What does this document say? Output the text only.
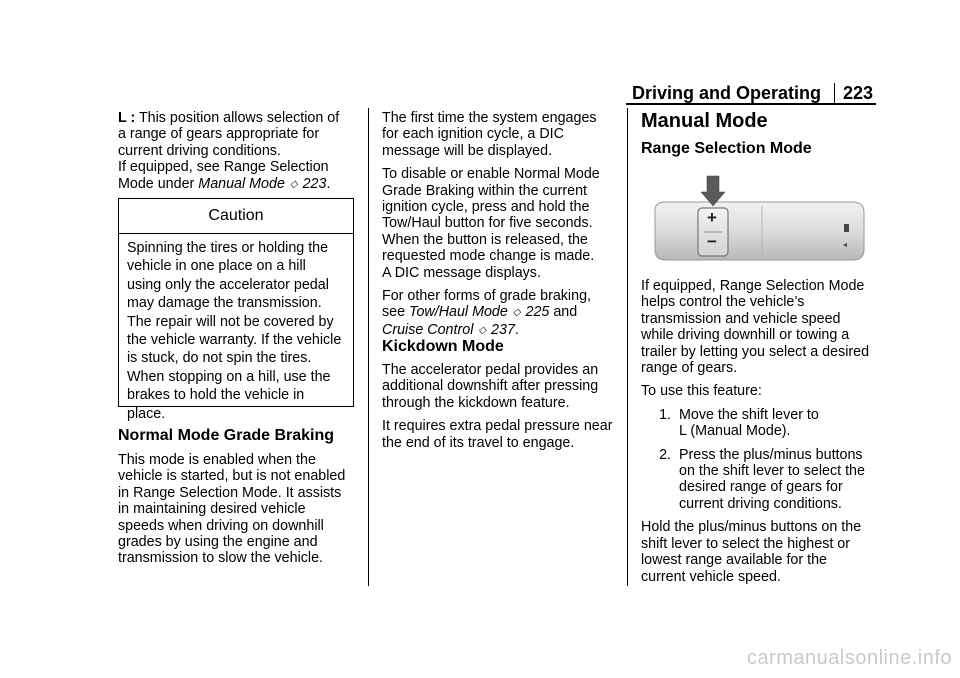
Driving and Operating 223
L : This position allows selection of
a range of gears appropriate for
current driving conditions.
If equipped, see Range Selection
Mode under Manual Mode ◇ 223.
Caution
Spinning the tires or holding the
vehicle in one place on a hill
using only the accelerator pedal
may damage the transmission.
The repair will not be covered by
the vehicle warranty. If the vehicle
is stuck, do not spin the tires.
When stopping on a hill, use the
brakes to hold the vehicle in
place.
Normal Mode Grade Braking
This mode is enabled when the
vehicle is started, but is not enabled
in Range Selection Mode. It assists
in maintaining desired vehicle
speeds when driving on downhill
grades by using the engine and
transmission to slow the vehicle.

The first time the system engages
for each ignition cycle, a DIC
message will be displayed.

To disable or enable Normal Mode
Grade Braking within the current
ignition cycle, press and hold the
Tow/Haul button for five seconds.
When the button is released, the
requested mode change is made.
A DIC message displays.

For other forms of grade braking,
see Tow/Haul Mode ◇ 225 and
Cruise Control ◇ 237.

Kickdown Mode

The accelerator pedal provides an
additional downshift after pressing
through the kickdown feature.

It requires extra pedal pressure near
the end of its travel to engage.

Manual Mode
Range Selection Mode
+
−

If equipped, Range Selection Mode
helps control the vehicle’s
transmission and vehicle speed
while driving downhill or towing a
trailer by letting you select a desired
range of gears.

To use this feature:

1. Move the shift lever to
L (Manual Mode).
2. Press the plus/minus buttons
on the shift lever to select the
desired range of gears for
current driving conditions.

Hold the plus/minus buttons on the
shift lever to select the highest or
lowest range available for the
current vehicle speed.

carmanualsonline.info
